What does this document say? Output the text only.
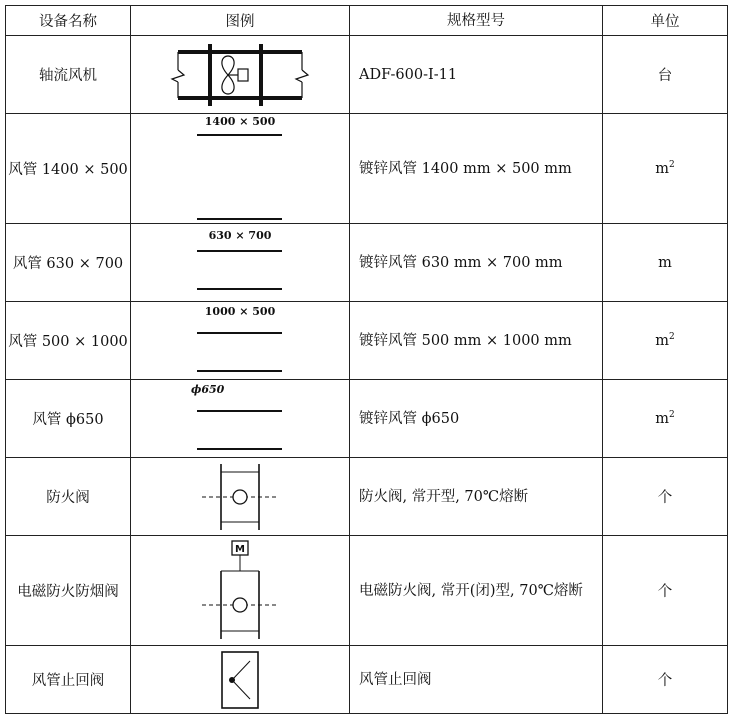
设备名称	图例	规格型号	单位
轴流风机		ADF-600-I-11	台
风管 1400 × 500	1400 × 500	镀锌风管 1400 mm × 500 mm	$m^2$
风管 630 × 700	630 × 700	镀锌风管 630 mm × 700 mm	m
风管 500 × 1000	1000 × 500	镀锌风管 500 mm × 1000 mm	$m^2$
风管 ϕ650	ϕ650	镀锌风管 ϕ650	$m^2$
防火阀		防火阀, 常开型, 70℃熔断	个
电磁防火防烟阀	M	电磁防火阀, 常开(闭)型, 70℃熔断	个
风管止回阀		风管止回阀	个
